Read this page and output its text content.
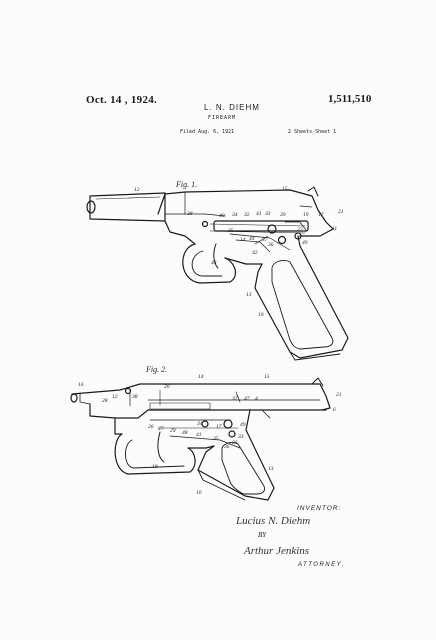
Oct. 14 , 1924.
L. N. DIEHM
1,511,510
FIREARM
Filed Aug. 6, 1921	2 Sheets-Sheet 1
12	15
38	40 34 32 41 33 39	19 17	21
35
14 44 37
22	11
36	49
42
43
13
10
Fig. 1.
16
14	15
12	38
20
21
37 47 4
6
28
26 27 29 48
34
41
35
17
33
49
23
36
18	13
10
Fig. 2.
Lucius N. Diehm
Arthur Jenkins
INVENTOR:
BY
ATTORNEY.
